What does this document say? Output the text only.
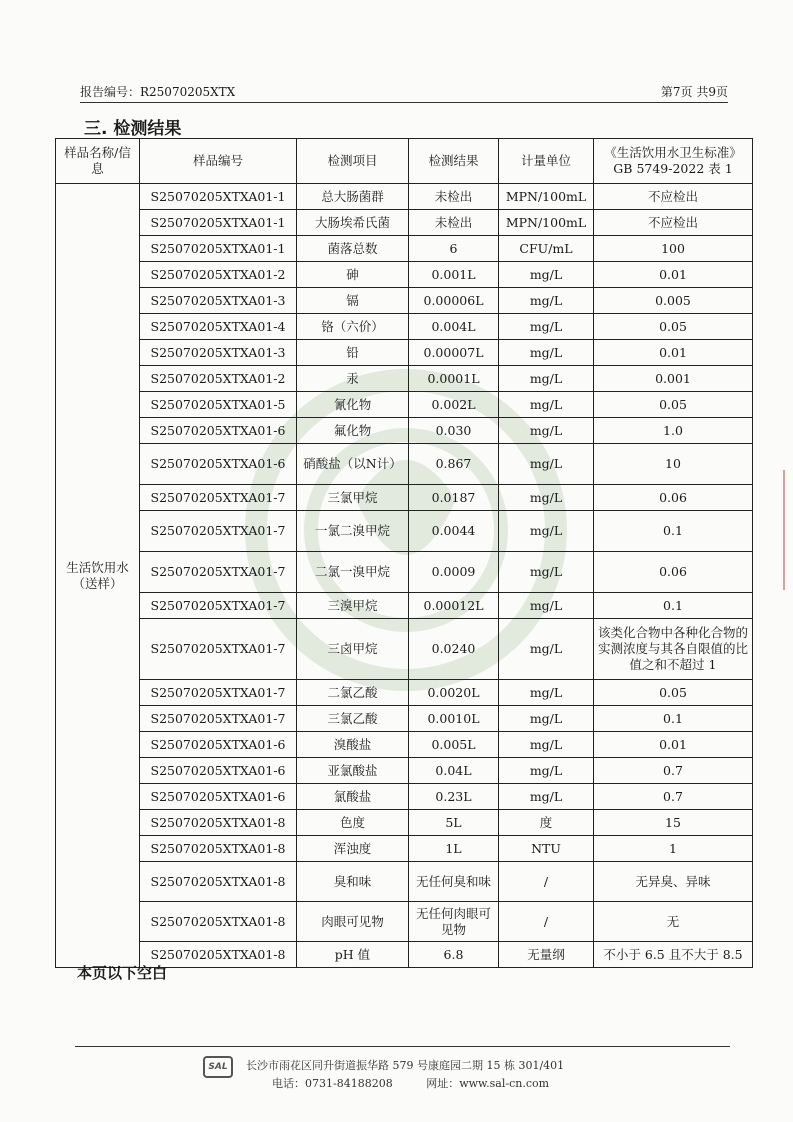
报告编号：R25070205XTX	第7页 共9页
三. 检测结果
样品名称/信息	样品编号	检测项目	检测结果	计量单位	《生活饮用水卫生标准》GB 5749-2022 表 1
生活饮用水（送样）	S25070205XTXA01-1	总大肠菌群	未检出	MPN/100mL	不应检出
	S25070205XTXA01-1	大肠埃希氏菌	未检出	MPN/100mL	不应检出
	S25070205XTXA01-1	菌落总数	6	CFU/mL	100
	S25070205XTXA01-2	砷	0.001L	mg/L	0.01
	S25070205XTXA01-3	镉	0.00006L	mg/L	0.005
	S25070205XTXA01-4	铬（六价）	0.004L	mg/L	0.05
	S25070205XTXA01-3	铅	0.00007L	mg/L	0.01
	S25070205XTXA01-2	汞	0.0001L	mg/L	0.001
	S25070205XTXA01-5	氰化物	0.002L	mg/L	0.05
	S25070205XTXA01-6	氟化物	0.030	mg/L	1.0
	S25070205XTXA01-6	硝酸盐（以N计）	0.867	mg/L	10
	S25070205XTXA01-7	三氯甲烷	0.0187	mg/L	0.06
	S25070205XTXA01-7	一氯二溴甲烷	0.0044	mg/L	0.1
	S25070205XTXA01-7	二氯一溴甲烷	0.0009	mg/L	0.06
	S25070205XTXA01-7	三溴甲烷	0.00012L	mg/L	0.1
	S25070205XTXA01-7	三卤甲烷	0.0240	mg/L	该类化合物中各种化合物的实测浓度与其各自限值的比值之和不超过 1
	S25070205XTXA01-7	二氯乙酸	0.0020L	mg/L	0.05
	S25070205XTXA01-7	三氯乙酸	0.0010L	mg/L	0.1
	S25070205XTXA01-6	溴酸盐	0.005L	mg/L	0.01
	S25070205XTXA01-6	亚氯酸盐	0.04L	mg/L	0.7
	S25070205XTXA01-6	氯酸盐	0.23L	mg/L	0.7
	S25070205XTXA01-8	色度	5L	度	15
	S25070205XTXA01-8	浑浊度	1L	NTU	1
	S25070205XTXA01-8	臭和味	无任何臭和味	/	无异臭、异味
	S25070205XTXA01-8	肉眼可见物	无任何肉眼可见物	/	无
	S25070205XTXA01-8	pH 值	6.8	无量纲	不小于 6.5 且不大于 8.5
本页以下空白
SAL	长沙市雨花区同升街道振华路 579 号康庭园二期 15 栋 301/401
电话：0731-84188208	网址：www.sal-cn.com
